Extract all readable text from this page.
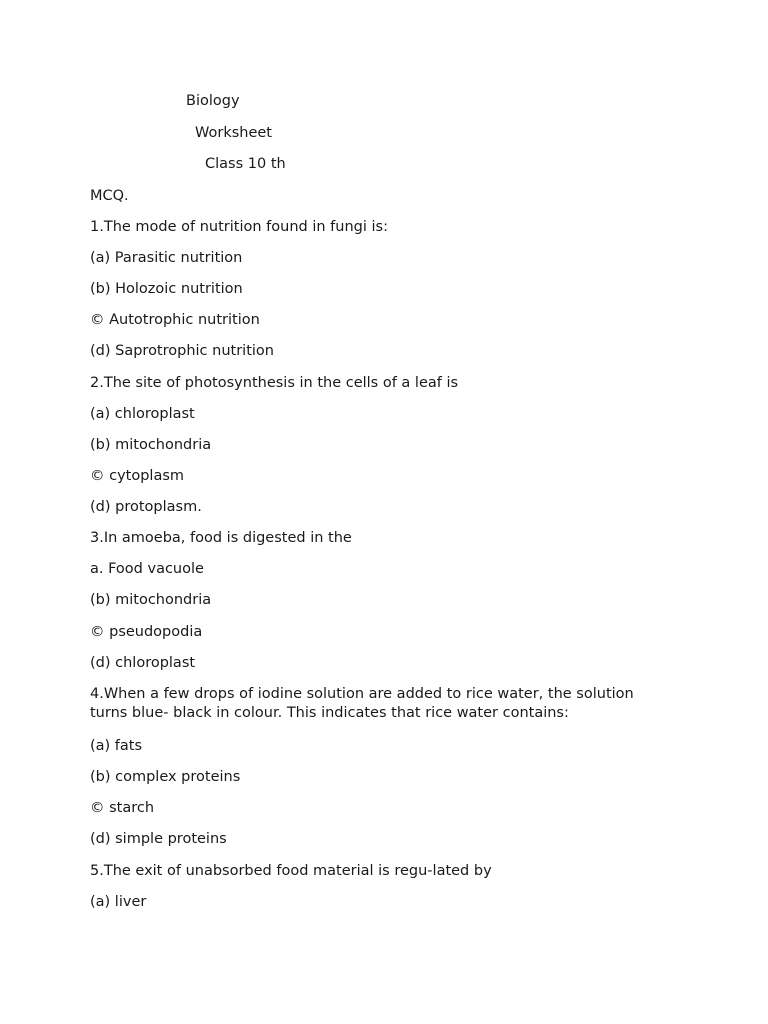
Biology
Worksheet
Class 10 th
MCQ.
1.The mode of nutrition found in fungi is:
(a) Parasitic nutrition
(b) Holozoic nutrition
© Autotrophic nutrition
(d) Saprotrophic nutrition
2.The site of photosynthesis in the cells of a leaf is
(a) chloroplast
(b) mitochondria
© cytoplasm
(d) protoplasm.
3.In amoeba, food is digested in the
a. Food vacuole
(b) mitochondria
© pseudopodia
(d) chloroplast
4.When a few drops of iodine solution are added to rice water, the solution turns blue- black in colour. This indicates that rice water contains:
(a) fats
(b) complex proteins
© starch
(d) simple proteins
5.The exit of unabsorbed food material is regu-lated by
(a) liver
